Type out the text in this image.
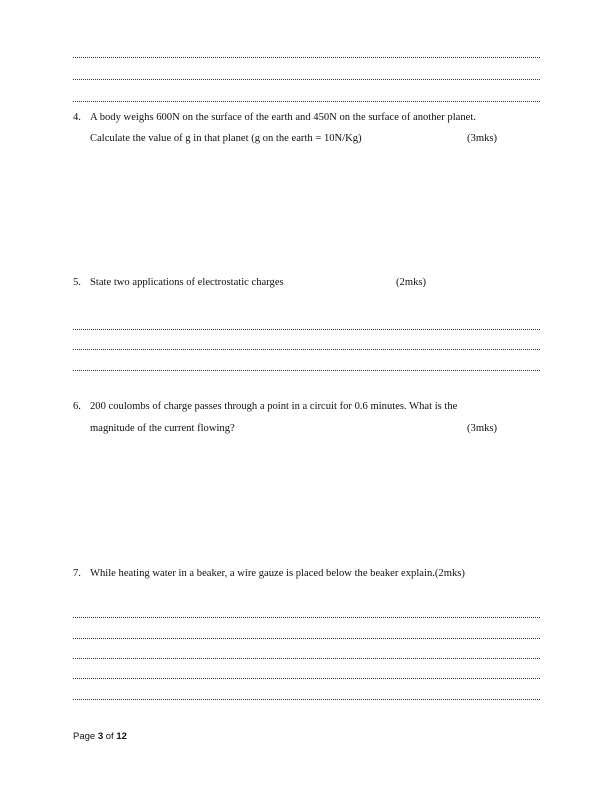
4. A body weighs 600N on the surface of the earth and 450N on the surface of another planet.
Calculate the value of g in that planet (g on the earth = 10N/Kg)	(3mks)
5. State two applications of electrostatic charges	(2mks)
6. 200 coulombs of charge passes through a point in a circuit for 0.6 minutes. What is the
magnitude of the current flowing?	(3mks)
7. While heating water in a beaker, a wire gauze is placed below the beaker explain.(2mks)
Page 3 of 12
